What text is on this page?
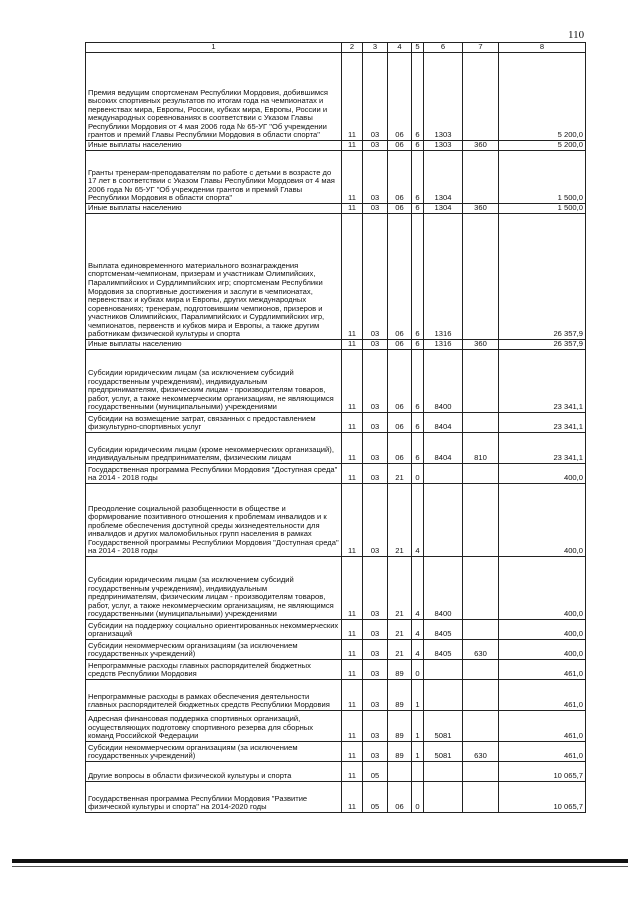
110
1	2	3	4	5	6	7	8
Премия ведущим спортсменам Республики Мордовия, добившимся высоких спортивных результатов по итогам года на чемпионатах и первенствах мира, Европы, России, кубках мира, Европы, России и международных соревнованиях в соответствии с Указом Главы Республики Мордовия от 4 мая 2006 года № 65-УГ "Об учреждении грантов и премий Главы Республики Мордовия в области спорта"	11	03	06	6	1303		5 200,0
Иные выплаты населению	11	03	06	6	1303	360	5 200,0
Гранты тренерам-преподавателям по работе с детьми в возрасте до 17 лет в соответствии с Указом Главы Республики Мордовия от 4 мая 2006 года № 65-УГ "Об учреждении грантов и премий Главы Республики Мордовия в области спорта"	11	03	06	6	1304		1 500,0
Иные выплаты населению	11	03	06	6	1304	360	1 500,0
Выплата единовременного материального вознаграждения спортсменам-чемпионам, призерам и участникам Олимпийских, Паралимпийских и Сурдлимпийских игр; спортсменам Республики Мордовия за спортивные достижения и заслуги в чемпионатах, первенствах и кубках мира и Европы, других международных соревнованиях; тренерам, подготовившим чемпионов, призеров и участников Олимпийских, Паралимпийских и Сурдлимпийских игр, чемпионатов, первенств и кубков мира и Европы, а также другим работникам физической культуры и спорта	11	03	06	6	1316		26 357,9
Иные выплаты населению	11	03	06	6	1316	360	26 357,9
Субсидии юридическим лицам (за исключением субсидий государственным учреждениям), индивидуальным предпринимателям, физическим лицам - производителям товаров, работ, услуг, а также некоммерческим организациям, не являющимся государственными (муниципальными) учреждениями	11	03	06	6	8400		23 341,1
Субсидии на возмещение затрат, связанных с предоставлением физкультурно-спортивных услуг	11	03	06	6	8404		23 341,1
Субсидии юридическим лицам (кроме некоммерческих организаций), индивидуальным предпринимателям, физическим лицам	11	03	06	6	8404	810	23 341,1
Государственная программа Республики Мордовия "Доступная среда" на 2014 - 2018 годы	11	03	21	0			400,0
Преодоление социальной разобщенности в обществе и формирование позитивного отношения к проблемам инвалидов и к проблеме обеспечения доступной среды жизнедеятельности для инвалидов и других маломобильных групп населения в рамках Государственной программы Республики Мордовия "Доступная среда" на 2014 - 2018 годы	11	03	21	4			400,0
Субсидии юридическим лицам (за исключением субсидий государственным учреждениям), индивидуальным предпринимателям, физическим лицам - производителям товаров, работ, услуг, а также некоммерческим организациям, не являющимся государственными (муниципальными) учреждениями	11	03	21	4	8400		400,0
Субсидии на поддержку социально ориентированных некоммерческих организаций	11	03	21	4	8405		400,0
Субсидии некоммерческим организациям (за исключением государственных учреждений)	11	03	21	4	8405	630	400,0
Непрограммные расходы главных распорядителей бюджетных средств Республики Мордовия	11	03	89	0			461,0
Непрограммные расходы в рамках обеспечения деятельности главных распорядителей бюджетных средств Республики Мордовия	11	03	89	1			461,0
Адресная финансовая поддержка спортивных организаций, осуществляющих подготовку спортивного резерва для сборных команд Российской Федерации	11	03	89	1	5081		461,0
Субсидии некоммерческим организациям (за исключением государственных учреждений)	11	03	89	1	5081	630	461,0
Другие вопросы в области физической культуры и спорта	11	05					10 065,7
Государственная программа Республики Мордовия "Развитие физической культуры и спорта" на 2014-2020 годы	11	05	06	0			10 065,7
